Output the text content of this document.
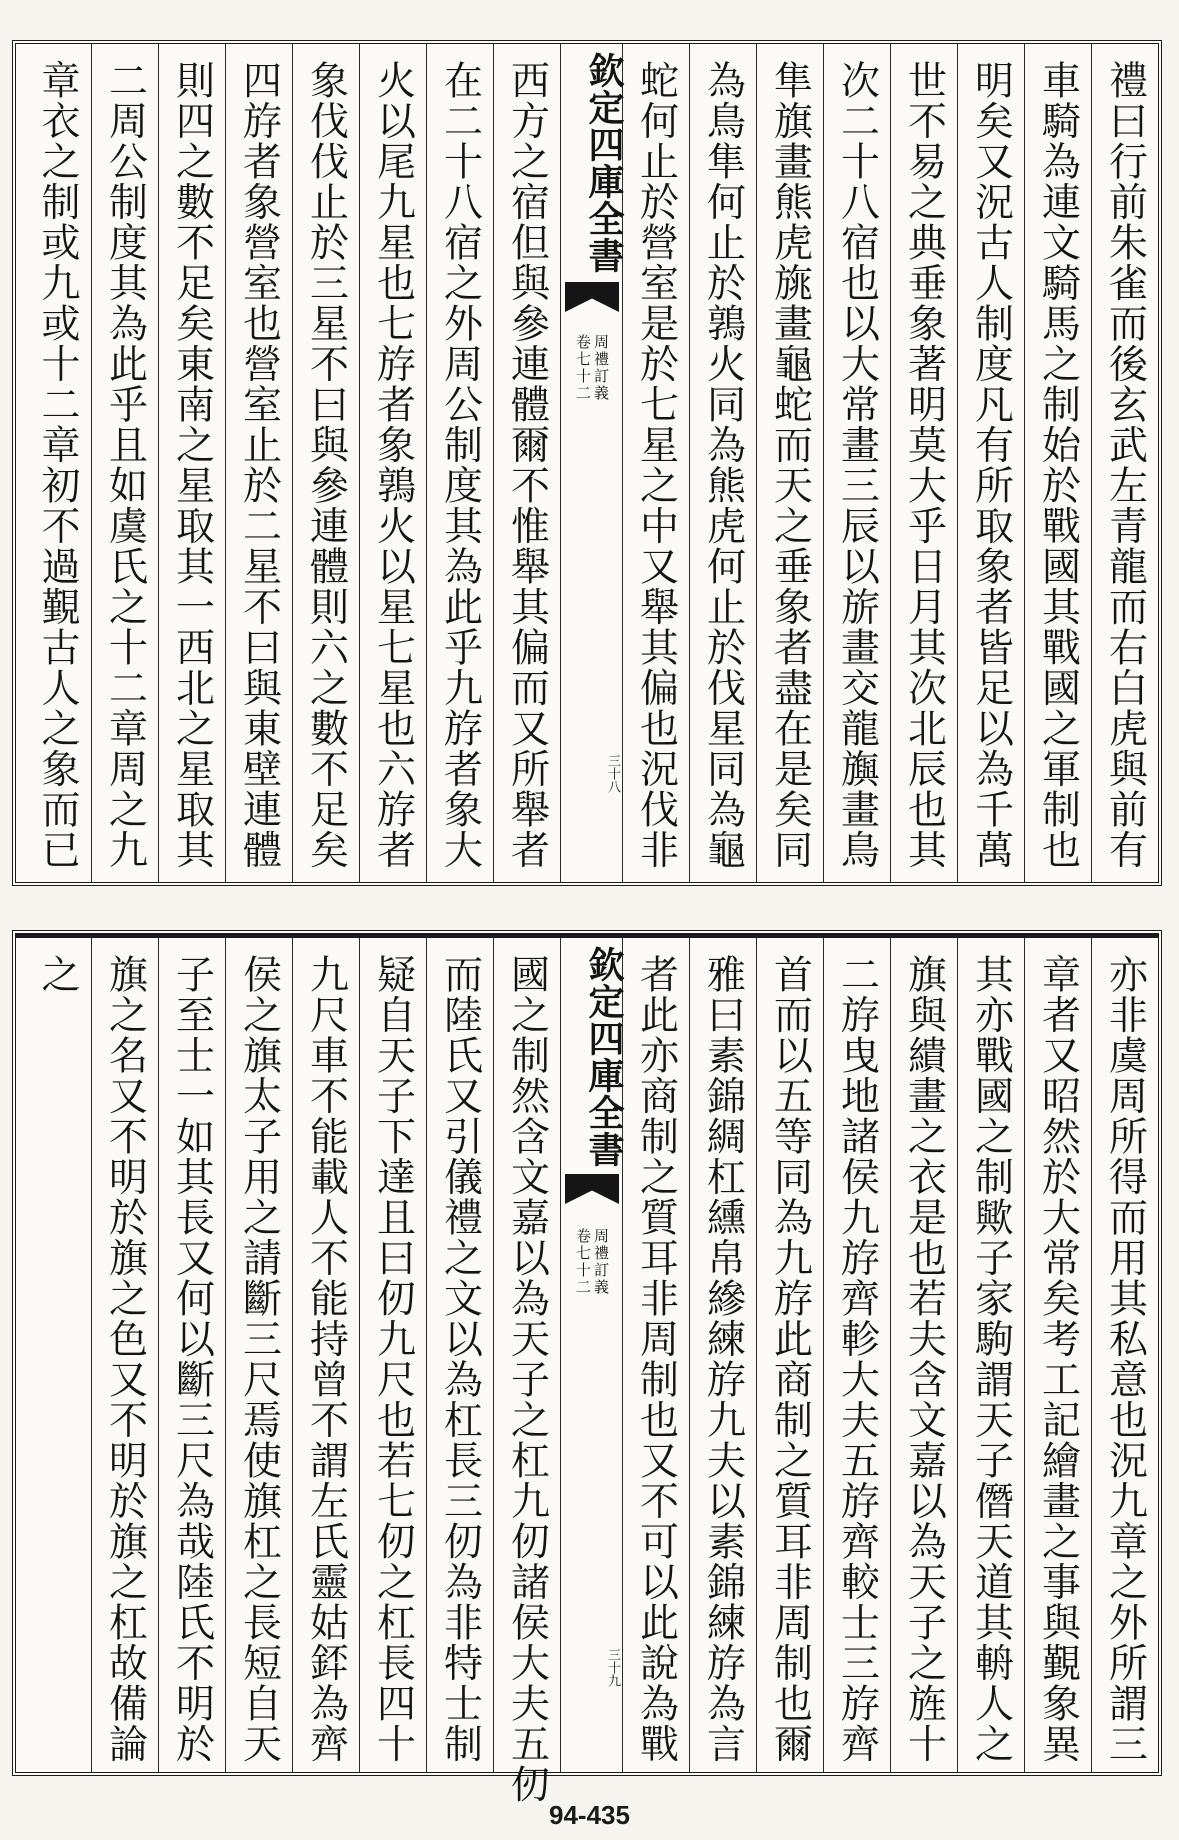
禮曰行前朱雀而後玄武左青龍而右白虎與前有
車騎為連文騎馬之制始於戰國其戰國之軍制也
明矣又況古人制度凡有所取象者皆足以為千萬
世不易之典垂象著明莫大乎日月其次北辰也其
次二十八宿也以大常畫三辰以旂畫交龍旟畫鳥
隼旗畫熊虎旐畫龜蛇而天之垂象者盡在是矣同
為鳥隼何止於鶉火同為熊虎何止於伐星同為龜
蛇何止於營室是於七星之中又舉其偏也況伐非
欽定四庫全書
周禮訂義
卷七十二
三十八
西方之宿但與參連體爾不惟舉其偏而又所舉者
在二十八宿之外周公制度其為此乎九斿者象大
火以尾九星也七斿者象鶉火以星七星也六斿者
象伐伐止於三星不曰與參連體則六之數不足矣
四斿者象營室也營室止於二星不曰與東壁連體
則四之數不足矣東南之星取其一西北之星取其
二周公制度其為此乎且如虞氏之十二章周之九
章衣之制或九或十二章初不過覲古人之象而已
亦非虞周所得而用其私意也況九章之外所謂三
章者又昭然於大常矣考工記繪畫之事與覲象異
其亦戰國之制歟子家駒謂天子僭天道其輈人之
旗與繢畫之衣是也若夫含文嘉以為天子之旌十
二斿曳地諸侯九斿齊軫大夫五斿齊較士三斿齊
首而以五等同為九斿此商制之質耳非周制也爾
雅曰素錦綢杠纁帛縿練斿九夫以素錦練斿為言
者此亦商制之質耳非周制也又不可以此說為戰
欽定四庫全書
周禮訂義
卷七十二
三十九
國之制然含文嘉以為天子之杠九仞諸侯大夫五仞
而陸氏又引儀禮之文以為杠長三仞為非特士制
疑自天子下達且曰仞九尺也若七仞之杠長四十
九尺車不能載人不能持曾不謂左氏靈姑銔為齊
侯之旗太子用之請斷三尺焉使旗杠之長短自天
子至士一如其長又何以斷三尺為哉陸氏不明於
旗之名又不明於旗之色又不明於旗之杠故備論
之
94-435
